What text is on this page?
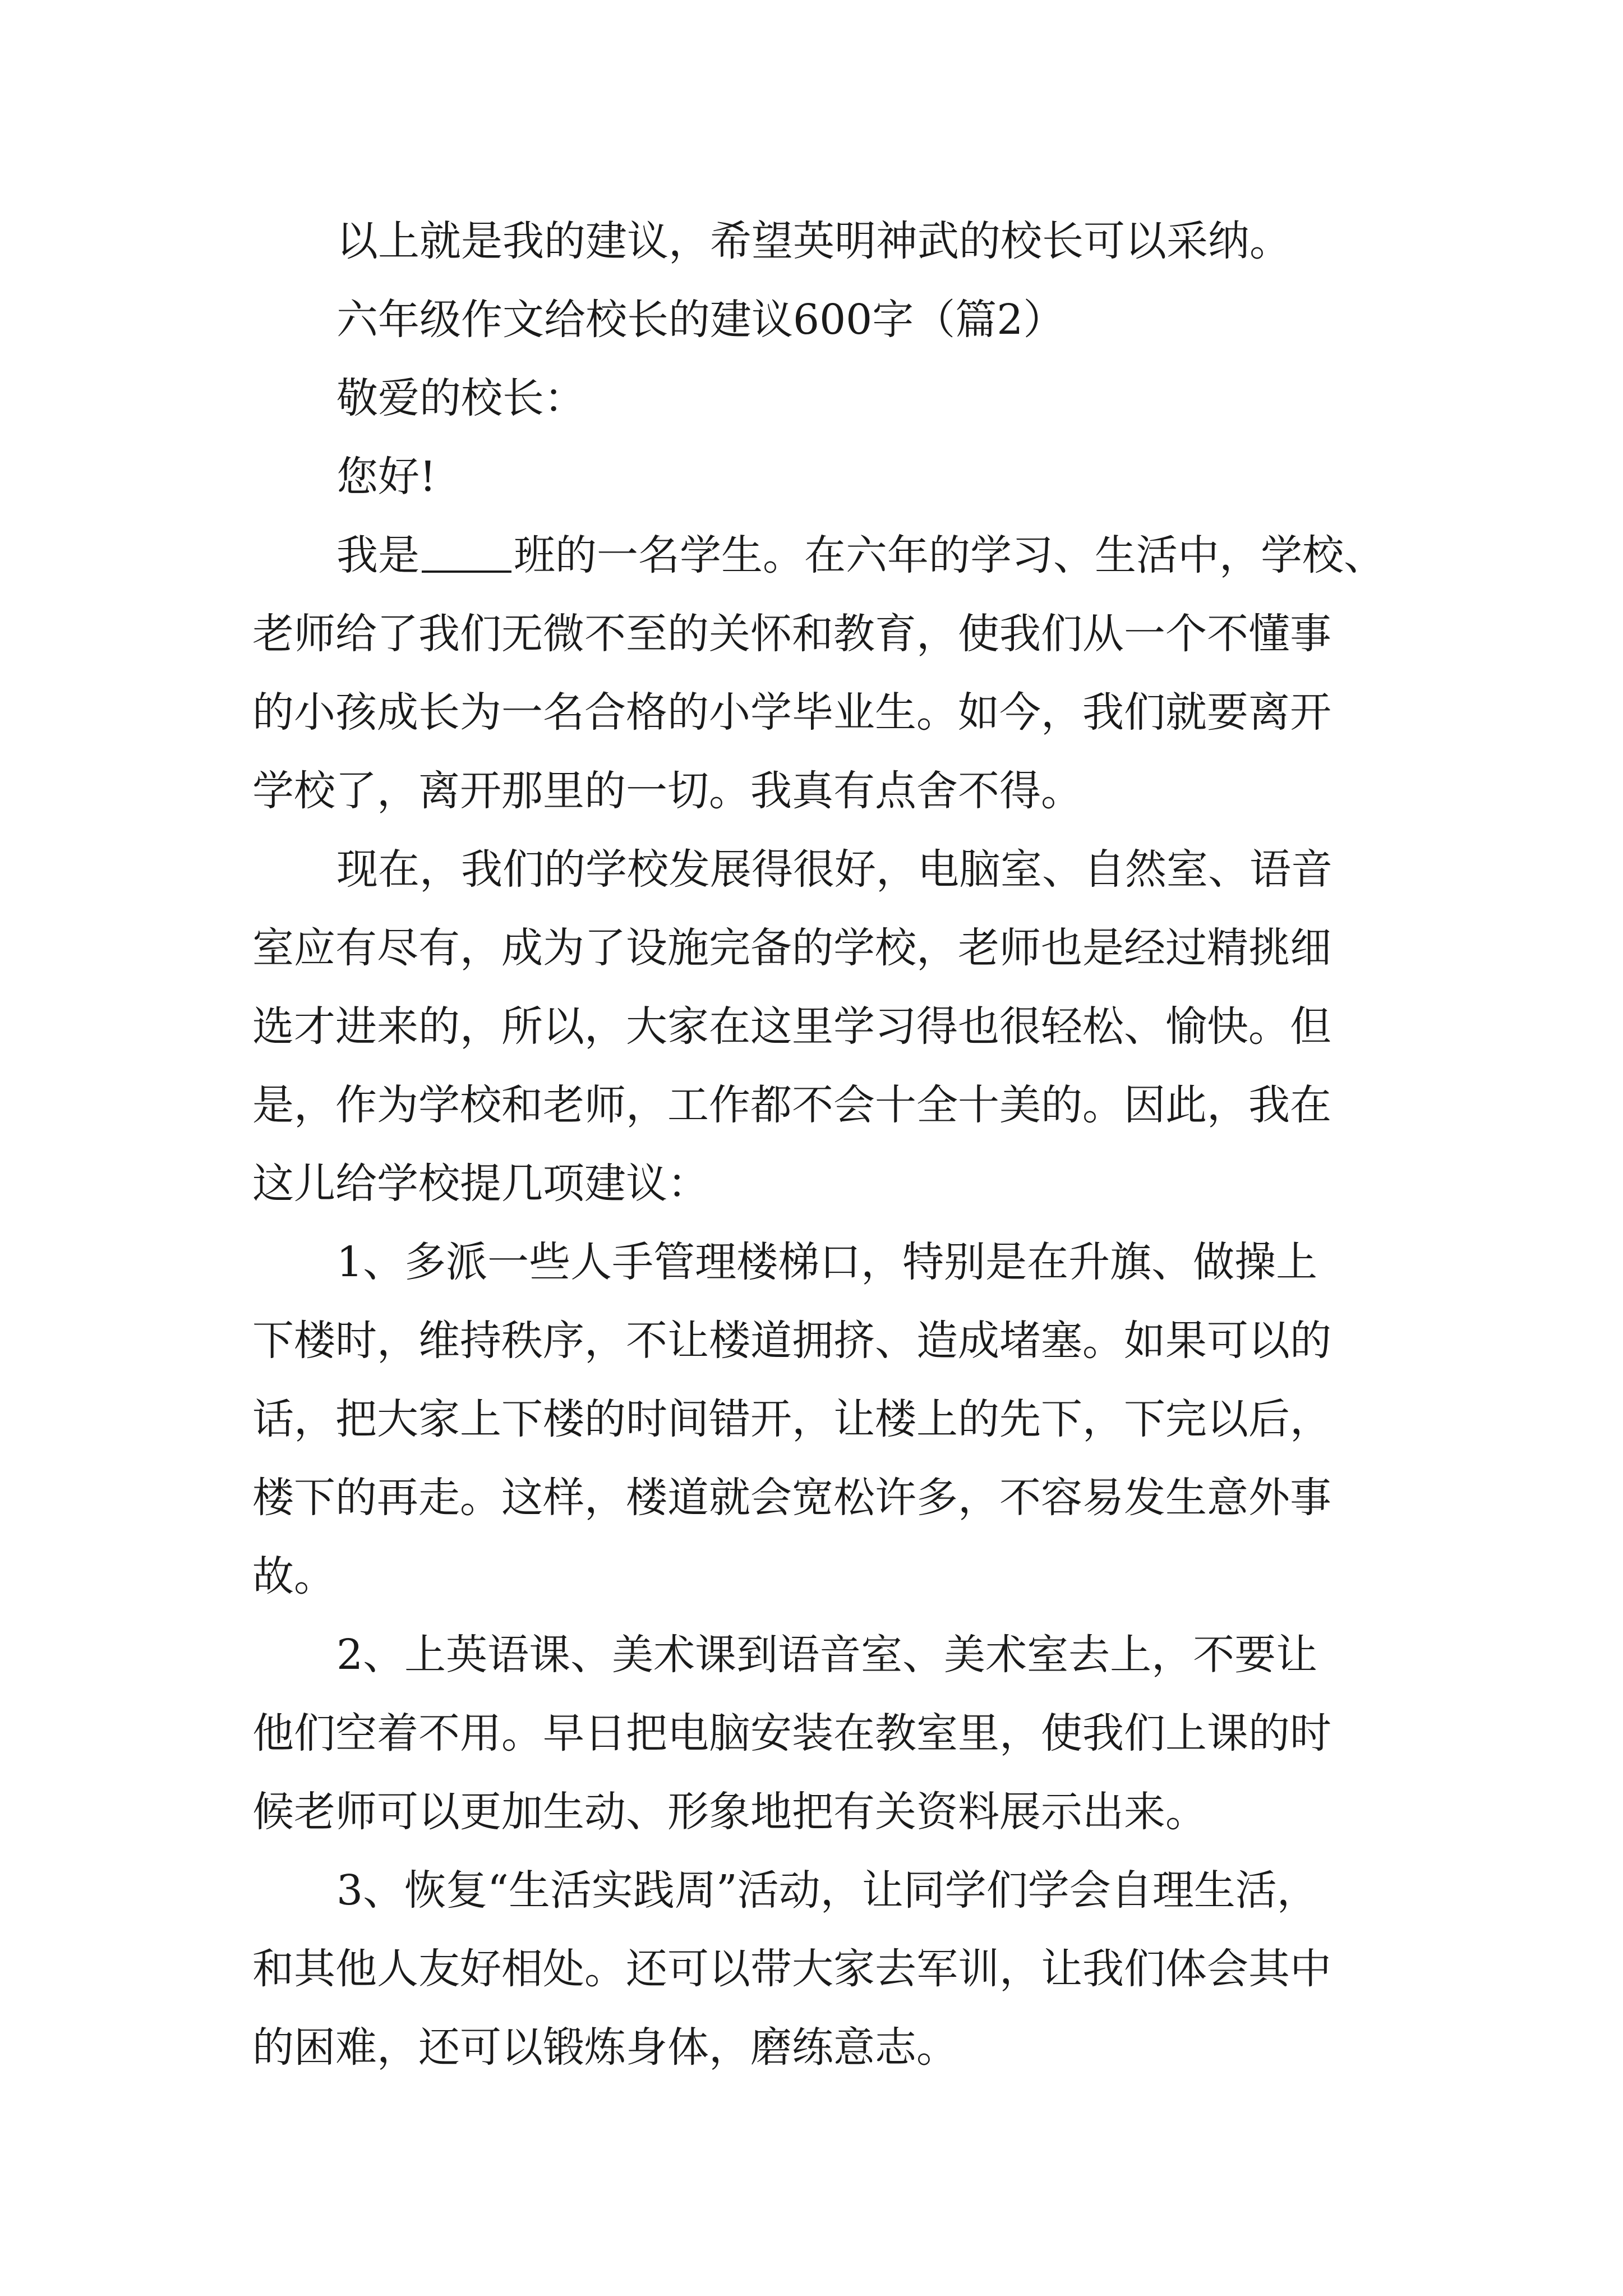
以上就是我的建议，希望英明神武的校长可以采纳。
六年级作文给校长的建议600字（篇2）
敬爱的校长：
您好!
我是 班的一名学生。在六年的学习、生活中，学校、
老师给了我们无微不至的关怀和教育，使我们从一个不懂事
的小孩成长为一名合格的小学毕业生。如今，我们就要离开
学校了，离开那里的一切。我真有点舍不得。
现在，我们的学校发展得很好，电脑室、自然室、语音
室应有尽有，成为了设施完备的学校，老师也是经过精挑细
选才进来的，所以，大家在这里学习得也很轻松、愉快。但
是，作为学校和老师，工作都不会十全十美的。因此，我在
这儿给学校提几项建议：
1、多派一些人手管理楼梯口，特别是在升旗、做操上
下楼时，维持秩序，不让楼道拥挤、造成堵塞。如果可以的
话，把大家上下楼的时间错开，让楼上的先下，下完以后，
楼下的再走。这样，楼道就会宽松许多，不容易发生意外事
故。
2、上英语课、美术课到语音室、美术室去上，不要让
他们空着不用。早日把电脑安装在教室里，使我们上课的时
候老师可以更加生动、形象地把有关资料展示出来。
3、恢复“生活实践周”活动，让同学们学会自理生活，
和其他人友好相处。还可以带大家去军训，让我们体会其中
的困难，还可以锻炼身体，磨练意志。
